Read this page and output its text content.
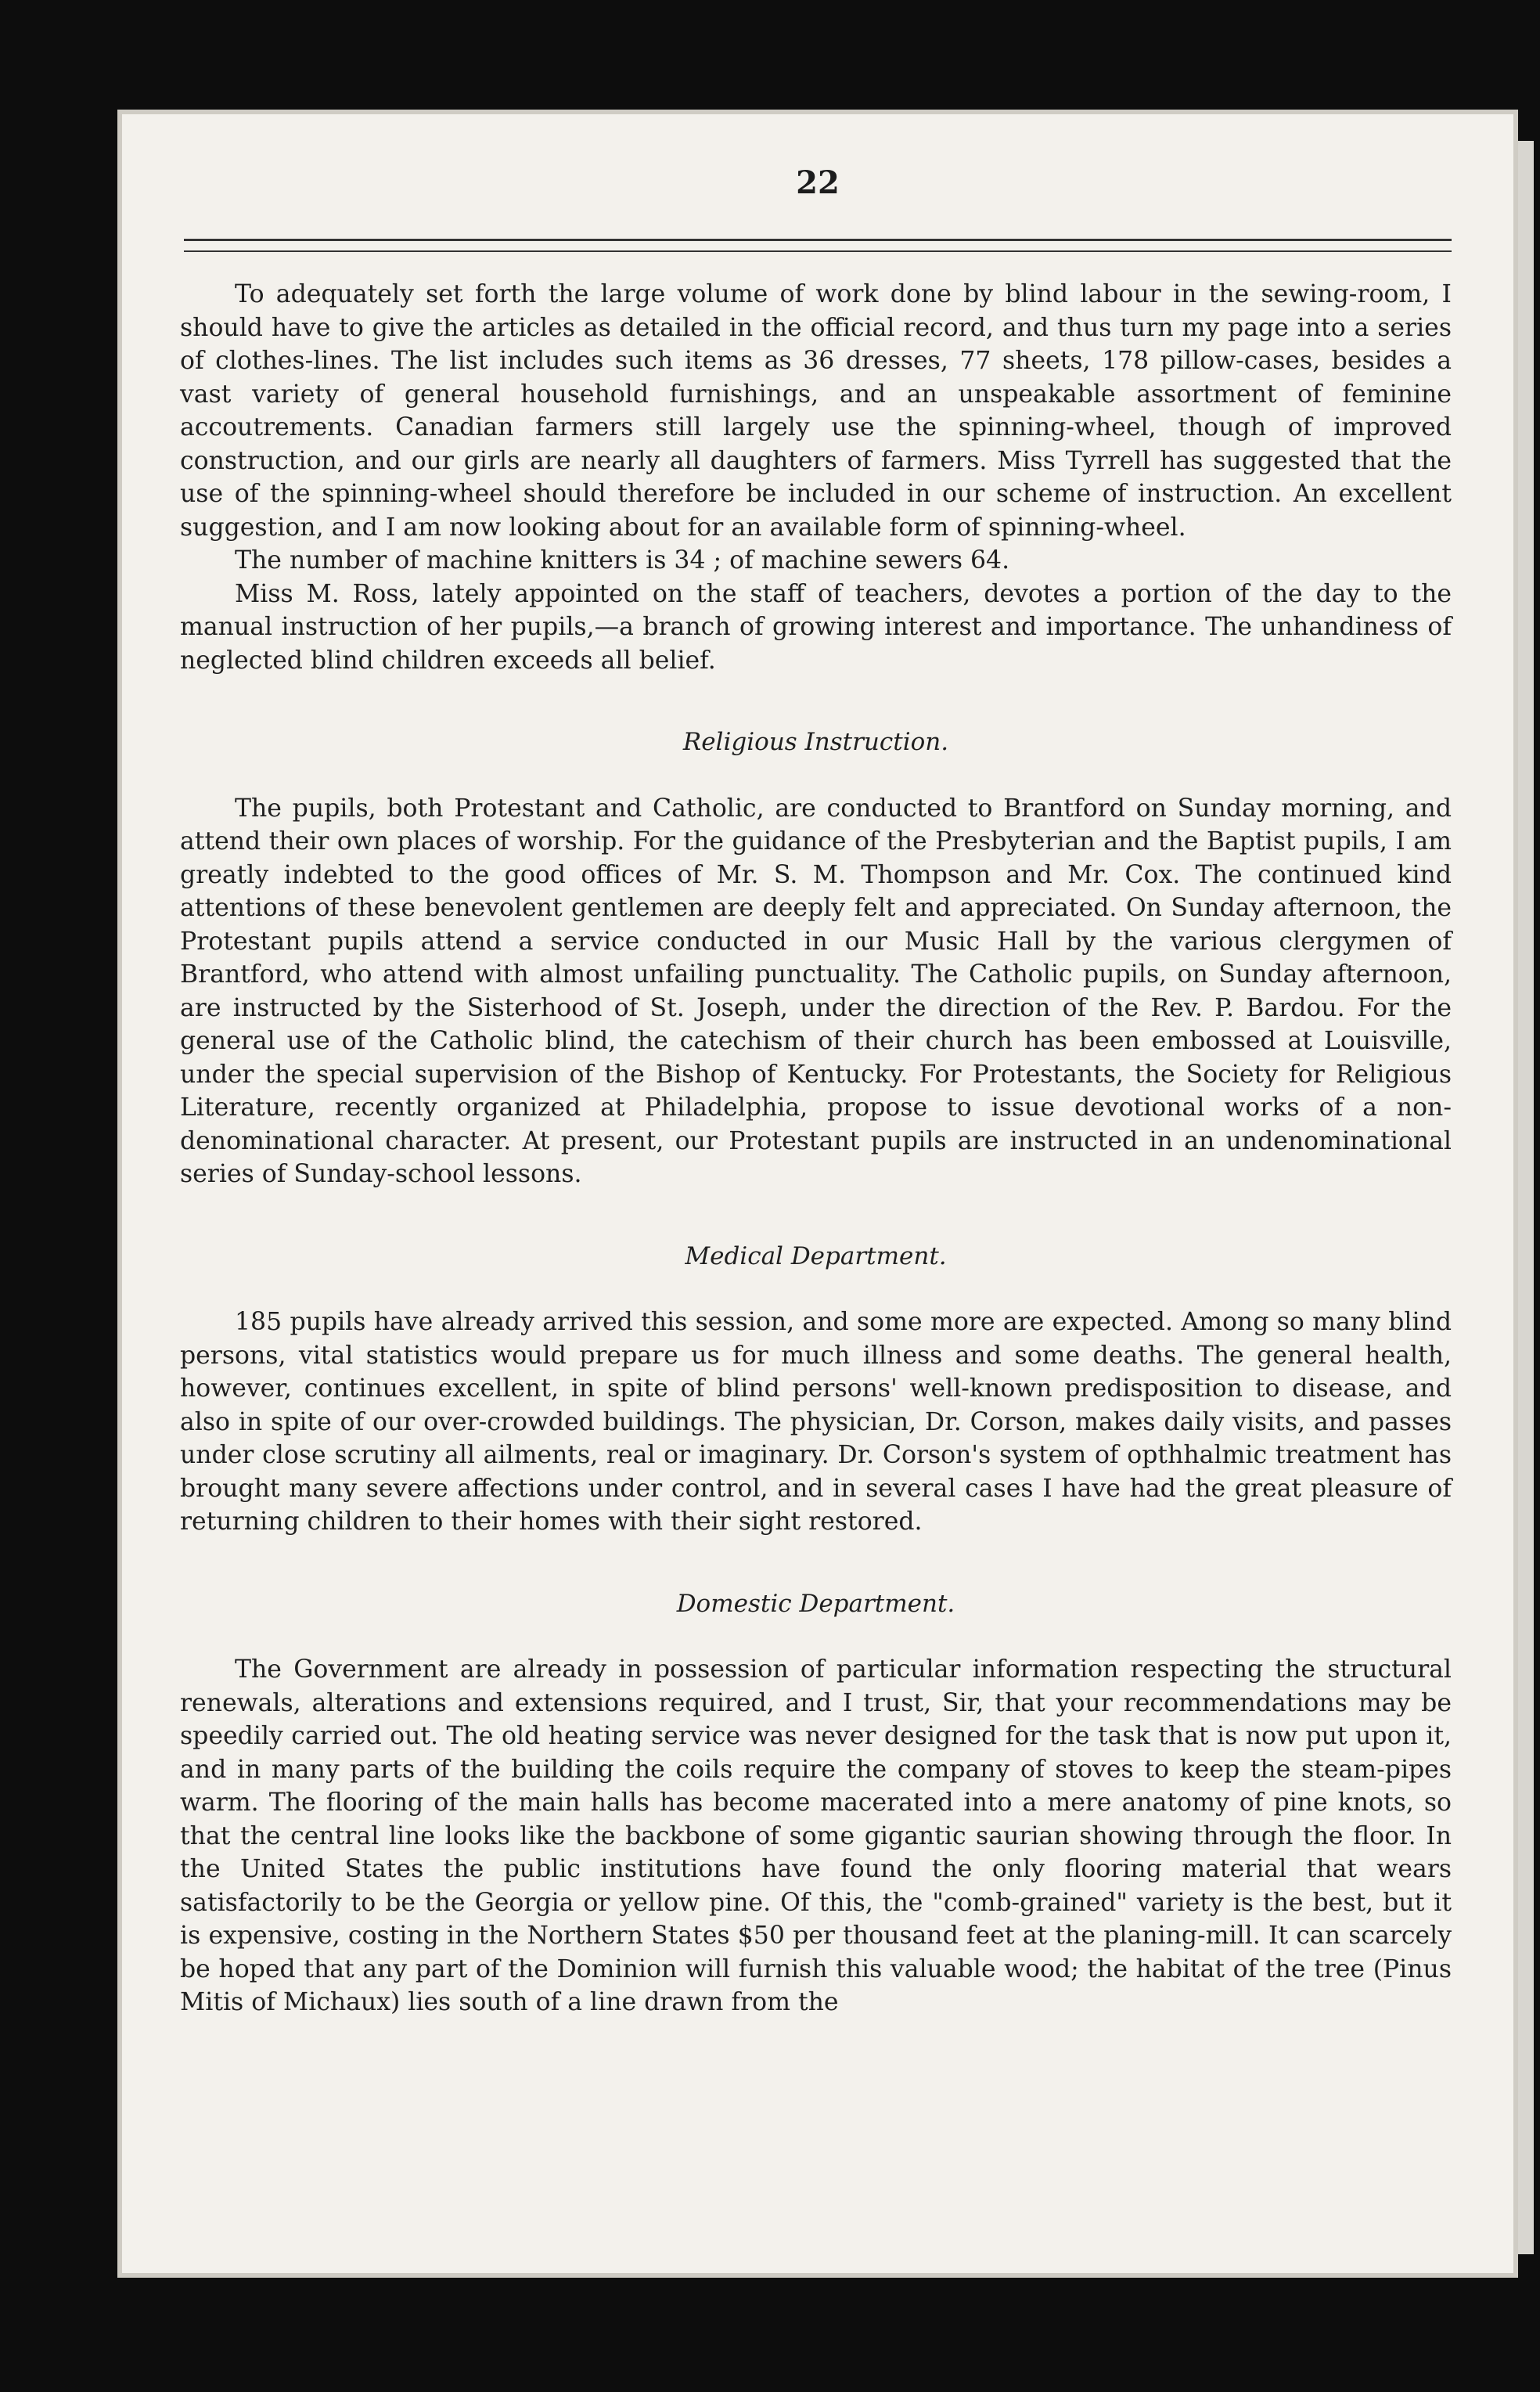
22

To adequately set forth the large volume of work done by blind labour in the sewing-room, I should have to give the articles as detailed in the official record, and thus turn my page into a series of clothes-lines. The list includes such items as 36 dresses, 77 sheets, 178 pillow-cases, besides a vast variety of general household furnishings, and an unspeakable assortment of feminine accoutrements. Canadian farmers still largely use the spinning-wheel, though of improved construction, and our girls are nearly all daughters of farmers. Miss Tyrrell has suggested that the use of the spinning-wheel should therefore be included in our scheme of instruction. An excellent suggestion, and I am now looking about for an available form of spinning-wheel.

The number of machine knitters is 34 ; of machine sewers 64.

Miss M. Ross, lately appointed on the staff of teachers, devotes a portion of the day to the manual instruction of her pupils,—a branch of growing interest and importance. The unhandiness of neglected blind children exceeds all belief.

Religious Instruction.

The pupils, both Protestant and Catholic, are conducted to Brantford on Sunday morning, and attend their own places of worship. For the guidance of the Presbyterian and the Baptist pupils, I am greatly indebted to the good offices of Mr. S. M. Thompson and Mr. Cox. The continued kind attentions of these benevolent gentlemen are deeply felt and appreciated. On Sunday afternoon, the Protestant pupils attend a service conducted in our Music Hall by the various clergymen of Brantford, who attend with almost unfailing punctuality. The Catholic pupils, on Sunday afternoon, are instructed by the Sisterhood of St. Joseph, under the direction of the Rev. P. Bardou. For the general use of the Catholic blind, the catechism of their church has been embossed at Louisville, under the special supervision of the Bishop of Kentucky. For Protestants, the Society for Religious Literature, recently organized at Philadelphia, propose to issue devotional works of a non-denominational character. At present, our Protestant pupils are instructed in an undenominational series of Sunday-school lessons.

Medical Department.

185 pupils have already arrived this session, and some more are expected. Among so many blind persons, vital statistics would prepare us for much illness and some deaths. The general health, however, continues excellent, in spite of blind persons' well-known predisposition to disease, and also in spite of our over-crowded buildings. The physician, Dr. Corson, makes daily visits, and passes under close scrutiny all ailments, real or imaginary. Dr. Corson's system of opthhalmic treatment has brought many severe affections under control, and in several cases I have had the great pleasure of returning children to their homes with their sight restored.

Domestic Department.

The Government are already in possession of particular information respecting the structural renewals, alterations and extensions required, and I trust, Sir, that your recommendations may be speedily carried out. The old heating service was never designed for the task that is now put upon it, and in many parts of the building the coils require the company of stoves to keep the steam-pipes warm. The flooring of the main halls has become macerated into a mere anatomy of pine knots, so that the central line looks like the backbone of some gigantic saurian showing through the floor. In the United States the public institutions have found the only flooring material that wears satisfactorily to be the Georgia or yellow pine. Of this, the "comb-grained" variety is the best, but it is expensive, costing in the Northern States $50 per thousand feet at the planing-mill. It can scarcely be hoped that any part of the Dominion will furnish this valuable wood; the habitat of the tree (Pinus Mitis of Michaux) lies south of a line drawn from the
